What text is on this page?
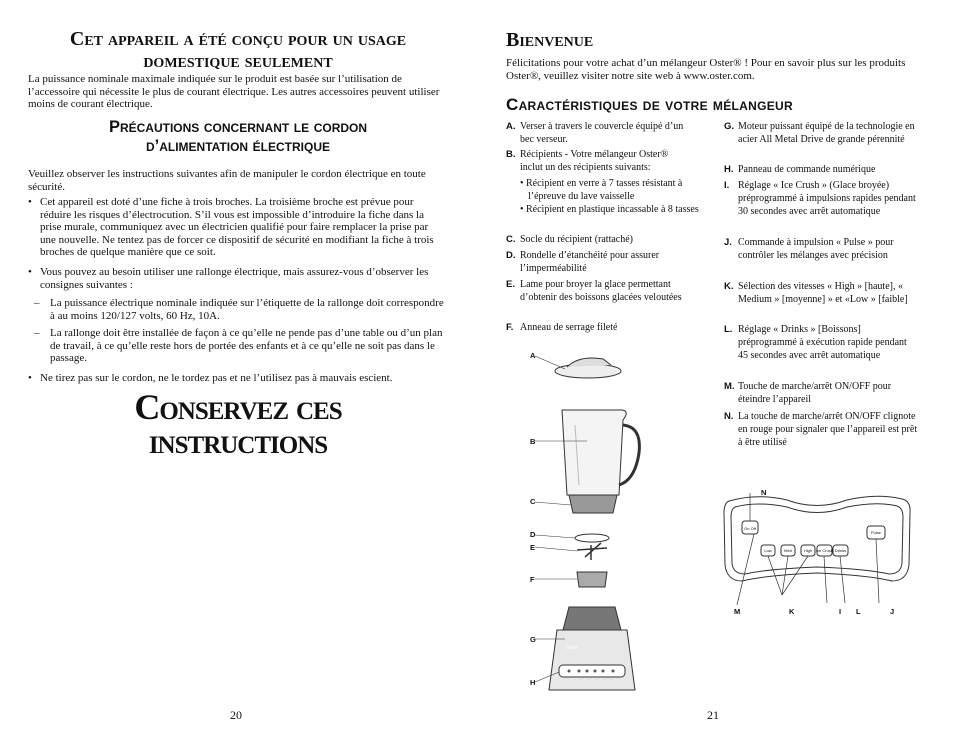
Cet appareil a été conçu pour un usage domestique seulement

La puissance nominale maximale indiquée sur le produit est basée sur l’utilisation de l’accessoire qui nécessite le plus de courant électrique. Les autres accessoires peuvent utiliser moins de courant électrique.

Précautions concernant le cordon
d’alimentation électrique

Veuillez observer les instructions suivantes afin de manipuler le cordon électrique en toute sécurité.

• Cet appareil est doté d’une fiche à trois broches. La troisième broche est prévue pour réduire les risques d’électrocution. S’il vous est impossible d’introduire la fiche dans la prise murale, communiquez avec un électricien qualifié pour faire remplacer la prise par une nouvelle. Ne tentez pas de forcer ce dispositif de sécurité en modifiant la fiche à trois broches de quelque manière que ce soit.
• Vous pouvez au besoin utiliser une rallonge électrique, mais assurez-vous d’observer les consignes suivantes :
– La puissance électrique nominale indiquée sur l’étiquette de la rallonge doit correspondre à au moins 120/127 volts, 60 Hz, 10A.
– La rallonge doit être installée de façon à ce qu’elle ne pende pas d’une table ou d’un plan de travail, à ce qu’elle reste hors de portée des enfants et à ce qu’elle ne soit pas dans le passage.
• Ne tirez pas sur le cordon, ne le tordez pas et ne l’utilisez pas à mauvais escient.
Conservez ces
instructions
20
Bienvenue

Félicitations pour votre achat d’un mélangeur Oster® ! Pour en savoir plus sur les produits Oster®, veuillez visiter notre site web à www.oster.com.

Caractéristiques de votre mélangeur
A. Verser à travers le couvercle équipé d’un bec verseur.
B. Récipients - Votre mélangeur Oster® inclut un des récipients suivants:
• Récipient en verre à 7 tasses résistant à l’épreuve du lave vaisselle
• Récipient en plastique incassable à 8 tasses
C. Socle du récipient (rattaché)
D. Rondelle d’étanchéité pour assurer l’imperméabilité
E. Lame pour broyer la glace permettant d’obtenir des boissons glacées veloutées
F. Anneau de serrage fileté
G. Moteur puissant équipé de la technologie en acier All Metal Drive de grande pérennité
H. Panneau de commande numérique
I. Réglage « Ice Crush » (Glace broyée) préprogrammé à impulsions rapides pendant 30 secondes avec arrêt automatique
J. Commande à impulsion « Pulse » pour contrôler les mélanges avec précision
K. Sélection des vitesses « High » [haute], « Medium » [moyenne] » et «Low » [faible]
L. Réglage « Drinks » [Boissons] préprogrammé à exécution rapide pendant 45 secondes avec arrêt automatique
M. Touche de marche/arrêt ON/OFF pour éteindre l’appareil
N. La touche de marche/arrêt ON/OFF clignote en rouge pour signaler que l’appareil est prêt à être utilisé
Oster
A
B
C
D
E
F
G
H
On Off
Low	Med	High Ice Crush Drinks
Pulse
N
M	K	I L	J
21
